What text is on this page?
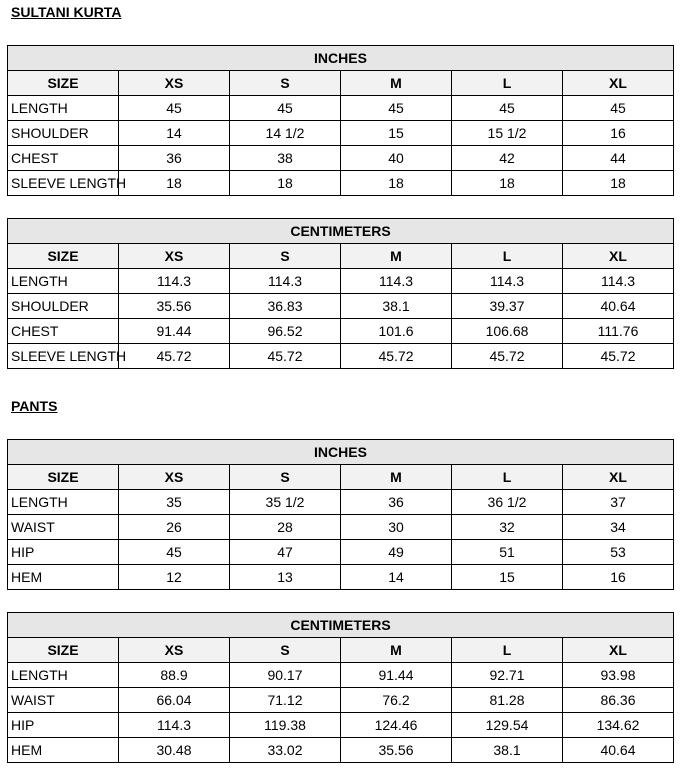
SULTANI KURTA
INCHES					
SIZE	XS	S	M	L	XL
LENGTH	45	45	45	45	45
SHOULDER	14	14 1/2	15	15 1/2	16
CHEST	36	38	40	42	44
SLEEVE LENGTH	18	18	18	18	18
CENTIMETERS					
SIZE	XS	S	M	L	XL
LENGTH	114.3	114.3	114.3	114.3	114.3
SHOULDER	35.56	36.83	38.1	39.37	40.64
CHEST	91.44	96.52	101.6	106.68	111.76
SLEEVE LENGTH	45.72	45.72	45.72	45.72	45.72
PANTS
INCHES					
SIZE	XS	S	M	L	XL
LENGTH	35	35 1/2	36	36 1/2	37
WAIST	26	28	30	32	34
HIP	45	47	49	51	53
HEM	12	13	14	15	16
CENTIMETERS					
SIZE	XS	S	M	L	XL
LENGTH	88.9	90.17	91.44	92.71	93.98
WAIST	66.04	71.12	76.2	81.28	86.36
HIP	114.3	119.38	124.46	129.54	134.62
HEM	30.48	33.02	35.56	38.1	40.64
